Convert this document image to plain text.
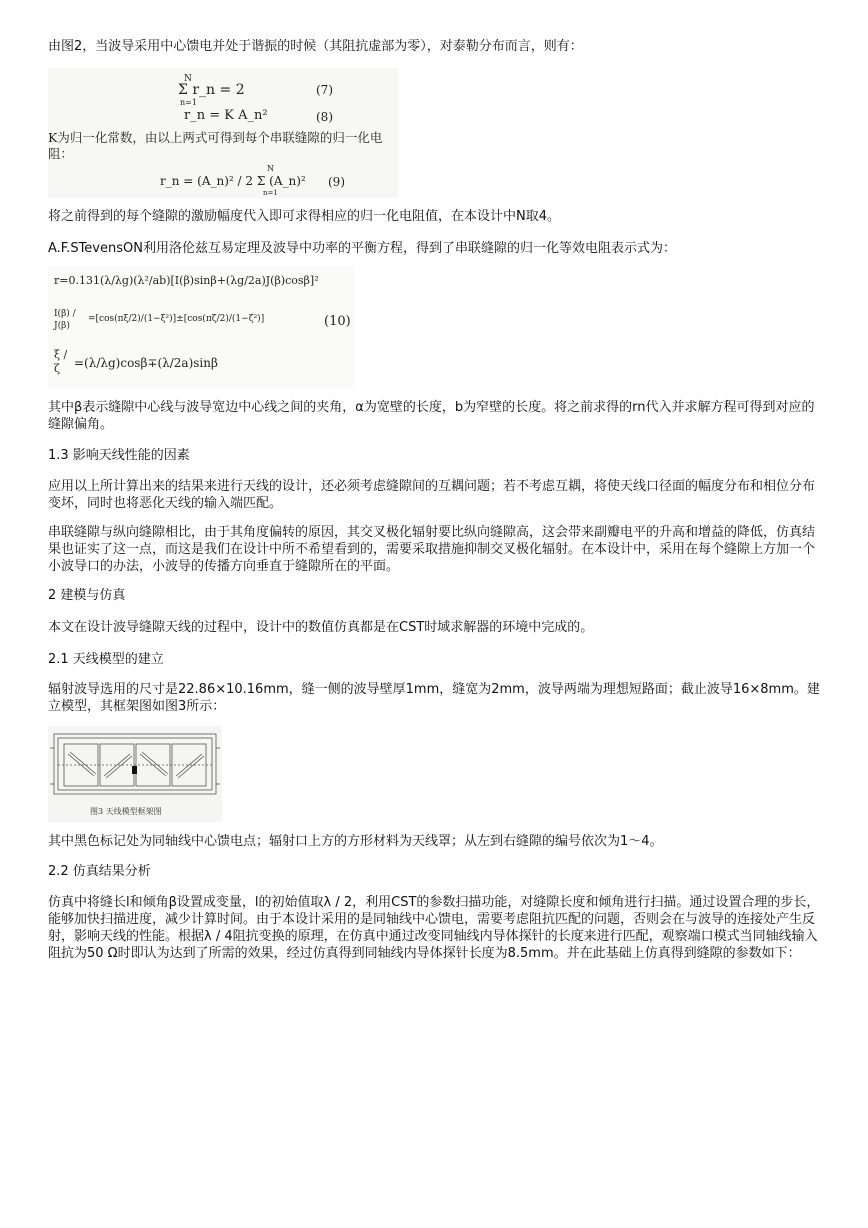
由图2，当波导采用中心馈电并处于谐振的时候（其阻抗虚部为零），对泰勒分布而言，则有：

N
Σ r_n = 2
n=1
(7)
r_n = K A_n²	(8)
K为归一化常数，由以上两式可得到每个串联缝隙的归一化电阻：
N
r_n = (A_n)² / 2 Σ (A_n)²
n=1
(9)

将之前得到的每个缝隙的激励幅度代入即可求得相应的归一化电阻值，在本设计中N取4。

A.F.STevensON利用洛伦兹互易定理及波导中功率的平衡方程，得到了串联缝隙的归一化等效电阻表示式为：

r=0.131(λ/λg)(λ²/ab)[I(β)sinβ+(λg/2a)J(β)cosβ]²
I(β) / J(β)
=[cos(πξ/2)/(1−ξ²)]±[cos(πζ/2)/(1−ζ²)]	(10)
ξ / ζ	=(λ/λg)cosβ∓(λ/2a)sinβ

其中β表示缝隙中心线与波导宽边中心线之间的夹角，α为宽壁的长度，b为窄壁的长度。将之前求得的rn代入并求解方程可得到对应的缝隙偏角。

1.3 影响天线性能的因素

应用以上所计算出来的结果来进行天线的设计，还必须考虑缝隙间的互耦问题；若不考虑互耦，将使天线口径面的幅度分布和相位分布变坏，同时也将恶化天线的输入端匹配。

串联缝隙与纵向缝隙相比，由于其角度偏转的原因，其交叉极化辐射要比纵向缝隙高，这会带来副瓣电平的升高和增益的降低，仿真结果也证实了这一点，而这是我们在设计中所不希望看到的，需要采取措施抑制交叉极化辐射。在本设计中，采用在每个缝隙上方加一个小波导口的办法，小波导的传播方向垂直于缝隙所在的平面。

2 建模与仿真

本文在设计波导缝隙天线的过程中，设计中的数值仿真都是在CST时域求解器的环境中完成的。

2.1 天线模型的建立

辐射波导选用的尺寸是22.86×10.16mm，缝一侧的波导壁厚1mm，缝宽为2mm，波导两端为理想短路面；截止波导16×8mm。建立模型，其框架图如图3所示：

图3 天线模型框架图

其中黑色标记处为同轴线中心馈电点；辐射口上方的方形材料为天线罩；从左到右缝隙的编号依次为1～4。

2.2 仿真结果分析

仿真中将缝长l和倾角β设置成变量，l的初始值取λ / 2，利用CST的参数扫描功能，对缝隙长度和倾角进行扫描。通过设置合理的步长，能够加快扫描进度，减少计算时间。由于本设计采用的是同轴线中心馈电，需要考虑阻抗匹配的问题，否则会在与波导的连接处产生反射，影响天线的性能。根据λ / 4阻抗变换的原理，在仿真中通过改变同轴线内导体探针的长度来进行匹配，观察端口模式当同轴线输入阻抗为50 Ω时即认为达到了所需的效果，经过仿真得到同轴线内导体探针长度为8.5mm。并在此基础上仿真得到缝隙的参数如下：
